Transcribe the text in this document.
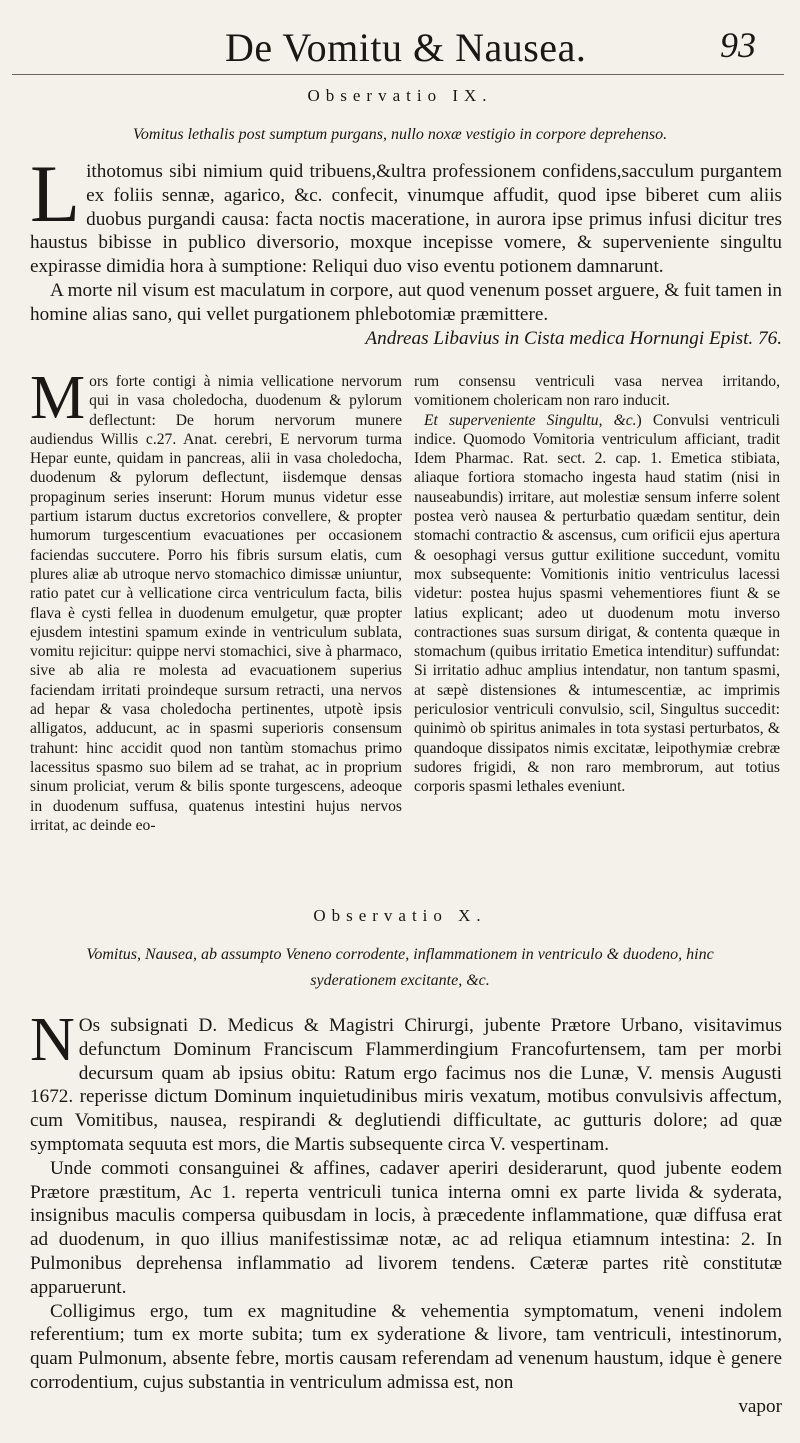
De Vomitu & Nausea.	93
Observatio IX.
Vomitus lethalis post sumptum purgans, nullo noxæ vestigio in corpore deprehenso.

Lithotomus sibi nimium quid tribuens,&ultra professionem confidens,sacculum purgantem ex foliis sennæ, agarico, &c. confecit, vinumque affudit, quod ipse biberet cum aliis duobus purgandi causa: facta noctis maceratione, in aurora ipse primus infusi dicitur tres haustus bibisse in publico diversorio, moxque incepisse vomere, & superveniente singultu expirasse dimidia hora à sumptione: Reliqui duo viso eventu potionem damnarunt.

A morte nil visum est maculatum in corpore, aut quod venenum posset arguere, & fuit tamen in homine alias sano, qui vellet purgationem phlebotomiæ præmittere.

Andreas Libavius in Cista medica Hornungi Epist. 76.

Mors forte contigi à nimia vellicatione nervorum qui in vasa choledocha, duodenum & pylorum deflectunt: De horum nervorum munere audiendus Willis c.27. Anat. cerebri, E nervorum turma Hepar eunte, quidam in pancreas, alii in vasa choledocha, duodenum & pylorum deflectunt, iisdemque densas propaginum series inserunt: Horum munus videtur esse partium istarum ductus excretorios convellere, & propter humorum turgescentium evacuationes per occasionem faciendas succutere. Porro his fibris sursum elatis, cum plures aliæ ab utroque nervo stomachico dimissæ uniuntur, ratio patet cur à vellicatione circa ventriculum facta, bilis flava è cysti fellea in duodenum emulgetur, quæ propter ejusdem intestini spamum exinde in ventriculum sublata, vomitu rejicitur: quippe nervi stomachici, sive à pharmaco, sive ab alia re molesta ad evacuationem superius faciendam irritati proindeque sursum retracti, una nervos ad hepar & vasa choledocha pertinentes, utpotè ipsis alligatos, adducunt, ac in spasmi superioris consensum trahunt: hinc accidit quod non tantùm stomachus primo lacessitus spasmo suo bilem ad se trahat, ac in proprium sinum proliciat, verum & bilis sponte turgescens, adeoque in duodenum suffusa, quatenus intestini hujus nervos irritat, ac deinde eo-

rum consensu ventriculi vasa nervea irritando, vomitionem cholericam non raro inducit.

Et superveniente Singultu, &c.) Convulsi ventriculi indice. Quomodo Vomitoria ventriculum afficiant, tradit Idem Pharmac. Rat. sect. 2. cap. 1. Emetica stibiata, aliaque fortiora stomacho ingesta haud statim (nisi in nauseabundis) irritare, aut molestiæ sensum inferre solent postea verò nausea & perturbatio quædam sentitur, dein stomachi contractio & ascensus, cum orificii ejus apertura & oesophagi versus guttur exilitione succedunt, vomitu mox subsequente: Vomitionis initio ventriculus lacessi videtur: postea hujus spasmi vehementiores fiunt & se latius explicant; adeo ut duodenum motu inverso contractiones suas sursum dirigat, & contenta quæque in stomachum (quibus irritatio Emetica intenditur) suffundat: Si irritatio adhuc amplius intendatur, non tantum spasmi, at sæpè distensiones & intumescentiæ, ac imprimis periculosior ventriculi convulsio, scil, Singultus succedit: quinimò ob spiritus animales in tota systasi perturbatos, & quandoque dissipatos nimis excitatæ, leipothymiæ crebræ sudores frigidi, & non raro membrorum, aut totius corporis spasmi lethales eveniunt.

Observatio X.
Vomitus, Nausea, ab assumpto Veneno corrodente, inflammationem in ventriculo & duodeno, hinc syderationem excitante, &c.

N Os subsignati D. Medicus & Magistri Chirurgi, jubente Prætore Urbano, visitavimus defunctum Dominum Franciscum Flammerdingium Francofurtensem, tam per morbi decursum quam ab ipsius obitu: Ratum ergo facimus nos die Lunæ, V. mensis Augusti 1672. reperisse dictum Dominum inquietudinibus miris vexatum, motibus convulsivis affectum, cum Vomitibus, nausea, respirandi & deglutiendi difficultate, ac gutturis dolore; ad quæ symptomata sequuta est mors, die Martis subsequente circa V. vespertinam.

Unde commoti consanguinei & affines, cadaver aperiri desiderarunt, quod jubente eodem Prætore præstitum, Ac 1. reperta ventriculi tunica interna omni ex parte livida & syderata, insignibus maculis compersa quibusdam in locis, à præcedente inflammatione, quæ diffusa erat ad duodenum, in quo illius manifestissimæ notæ, ac ad reliqua etiamnum intestina: 2. In Pulmonibus deprehensa inflammatio ad livorem tendens. Cæteræ partes ritè constitutæ apparuerunt.

Colligimus ergo, tum ex magnitudine & vehementia symptomatum, veneni indolem referentium; tum ex morte subita; tum ex syderatione & livore, tam ventriculi, intestinorum, quam Pulmonum, absente febre, mortis causam referendam ad venenum haustum, idque è genere corrodentium, cujus substantia in ventriculum admissa est, non

vapor
